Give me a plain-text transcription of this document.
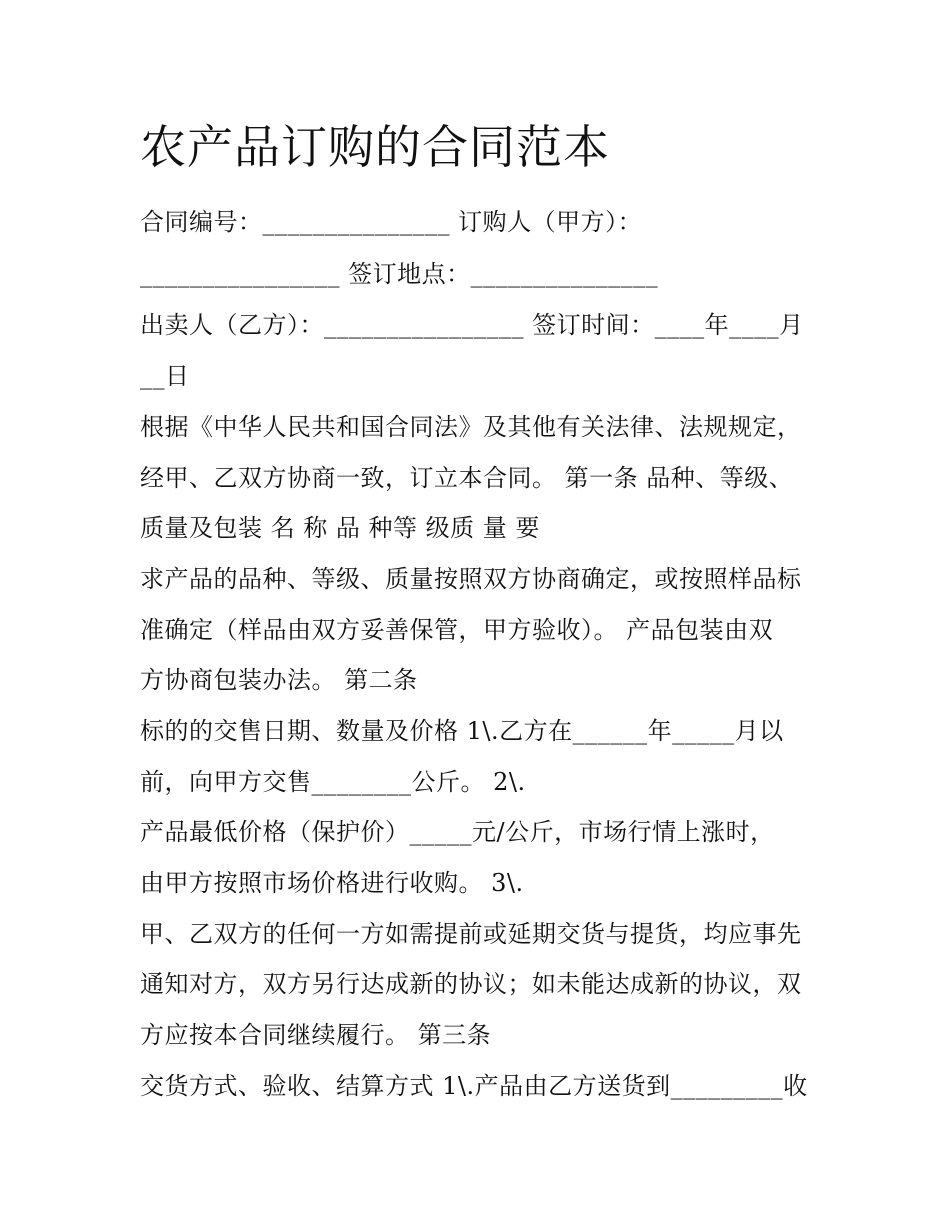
农产品订购的合同范本
合同编号：_______________ 订购人（甲方）：
________________ 签订地点：_______________
出卖人（乙方）：________________ 签订时间：____年____月
__日
根据《中华人民共和国合同法》及其他有关法律、法规规定，
经甲、乙双方协商一致，订立本合同。 第一条 品种、等级、
质量及包装 名 称 品 种等 级质 量 要
求产品的品种、等级、质量按照双方协商确定，或按照样品标
准确定（样品由双方妥善保管，甲方验收）。 产品包装由双
方协商包装办法。 第二条
标的的交售日期、数量及价格 1\.乙方在______年_____月以
前，向甲方交售________公斤。 2\.
产品最低价格（保护价）_____元/公斤，市场行情上涨时，
由甲方按照市场价格进行收购。 3\.
甲、乙双方的任何一方如需提前或延期交货与提货，均应事先
通知对方，双方另行达成新的协议；如未能达成新的协议，双
方应按本合同继续履行。 第三条
交货方式、验收、结算方式 1\.产品由乙方送货到_________收
